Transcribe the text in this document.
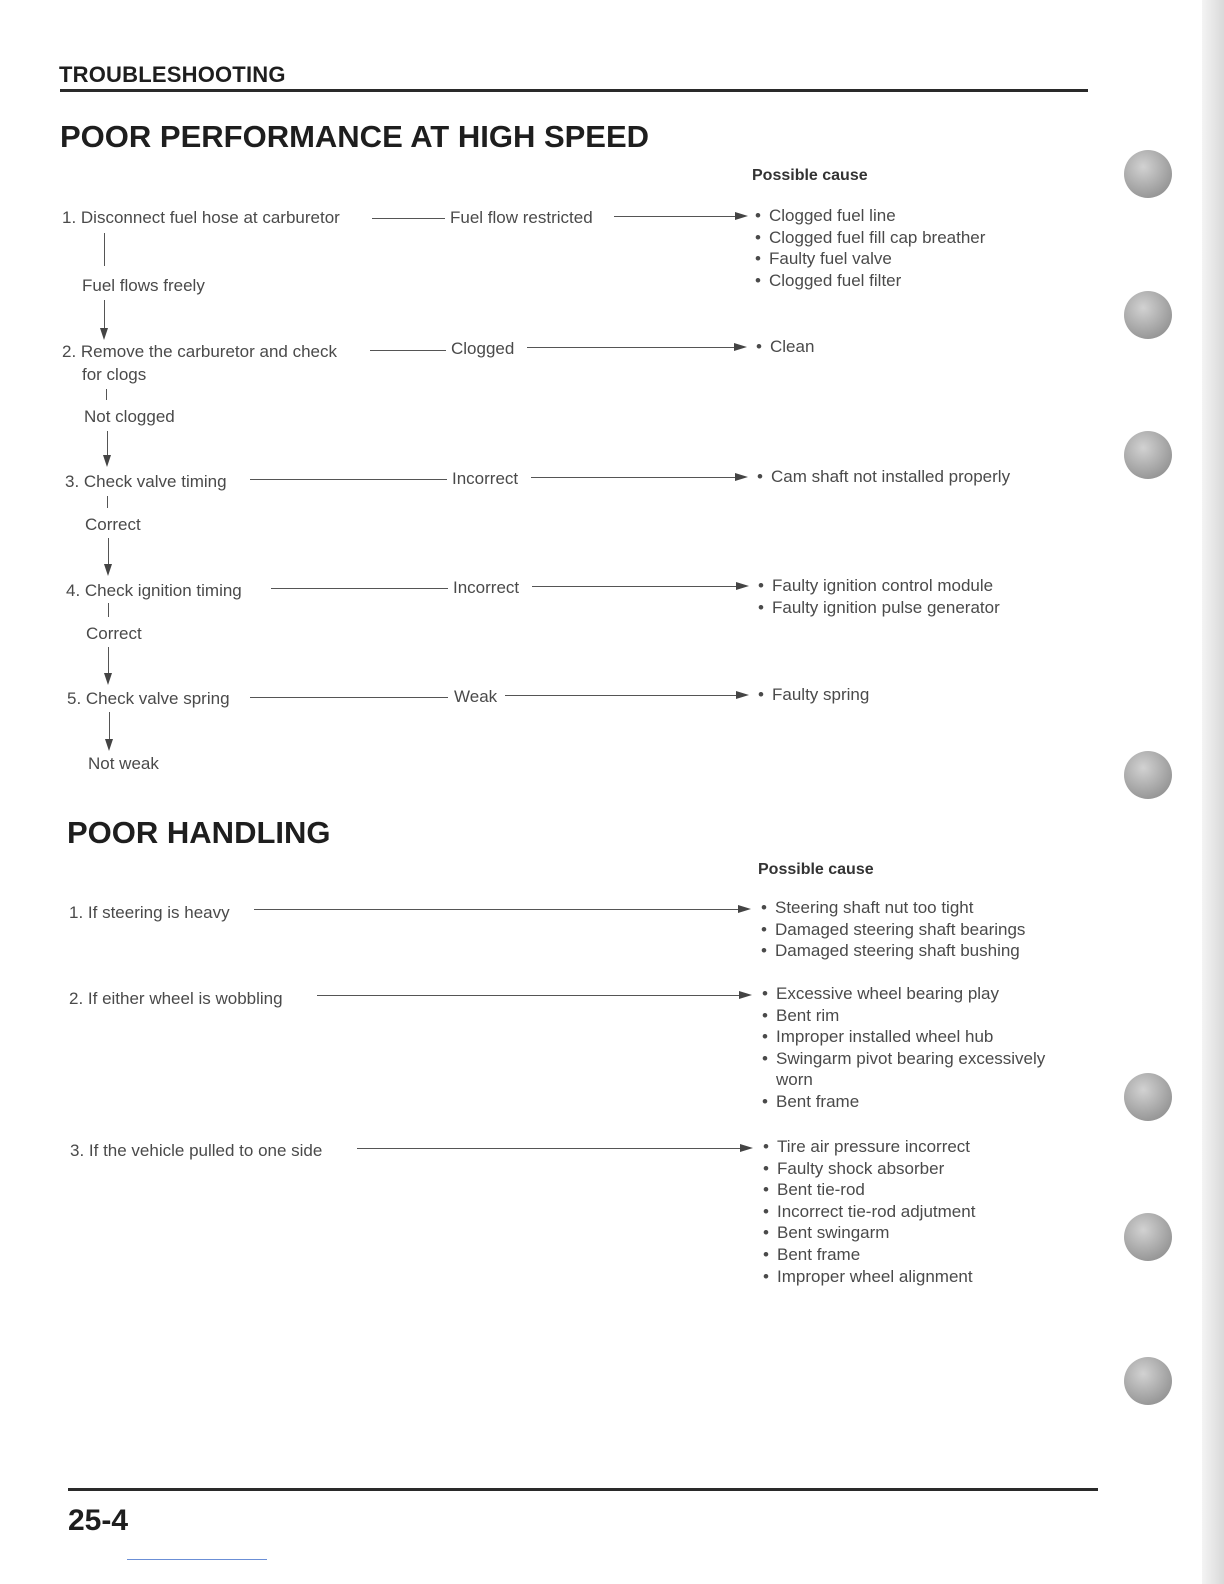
TROUBLESHOOTING
POOR PERFORMANCE AT HIGH SPEED
Possible cause
1. Disconnect fuel hose at carburetor	Fuel flow restricted	• Clogged fuel line
• Clogged fuel fill cap breather
• Faulty fuel valve
• Clogged fuel filter
Fuel flows freely
2. Remove the carburetor and check
for clogs
Clogged	• Clean
Not clogged
3. Check valve timing	Incorrect	• Cam shaft not installed properly
Correct
4. Check ignition timing	Incorrect	• Faulty ignition control module
• Faulty ignition pulse generator
Correct
5. Check valve spring	Weak	• Faulty spring
Not weak
POOR HANDLING
Possible cause
1. If steering is heavy	• Steering shaft nut too tight
• Damaged steering shaft bearings
• Damaged steering shaft bushing
2. If either wheel is wobbling	• Excessive wheel bearing play
• Bent rim
• Improper installed wheel hub
• Swingarm pivot bearing excessively
worn
• Bent frame
3. If the vehicle pulled to one side	• Tire air pressure incorrect
• Faulty shock absorber
• Bent tie-rod
• Incorrect tie-rod adjutment
• Bent swingarm
• Bent frame
• Improper wheel alignment
25-4
